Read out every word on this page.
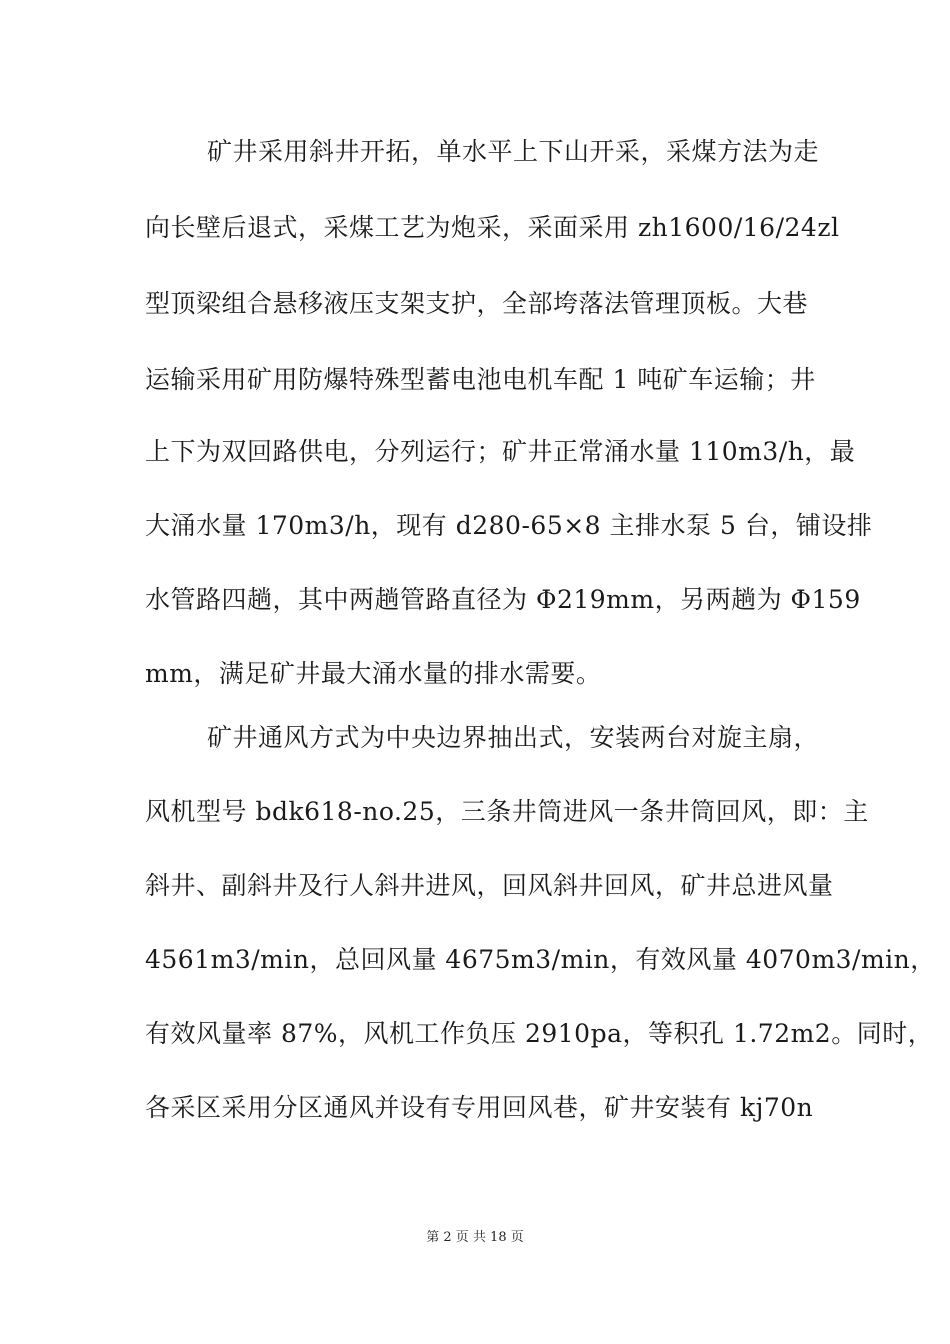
矿井采用斜井开拓，单水平上下山开采，采煤方法为走
向长壁后退式，采煤工艺为炮采，采面采用 zh1600/16/24zl
型顶梁组合悬移液压支架支护，全部垮落法管理顶板。大巷
运输采用矿用防爆特殊型蓄电池电机车配 1 吨矿车运输；井
上下为双回路供电，分列运行；矿井正常涌水量 110m3/h，最
大涌水量 170m3/h，现有 d280-65×8 主排水泵 5 台，铺设排
水管路四趟，其中两趟管路直径为 Φ219mm，另两趟为 Φ159
mm，满足矿井最大涌水量的排水需要。
矿井通风方式为中央边界抽出式，安装两台对旋主扇，
风机型号 bdk618-no.25，三条井筒进风一条井筒回风，即：主
斜井、副斜井及行人斜井进风，回风斜井回风，矿井总进风量
4561m3/min，总回风量 4675m3/min，有效风量 4070m3/min，
有效风量率 87%，风机工作负压 2910pa，等积孔 1.72m2。同时，
各采区采用分区通风并设有专用回风巷，矿井安装有 kj70n
第 2 页 共 18 页
